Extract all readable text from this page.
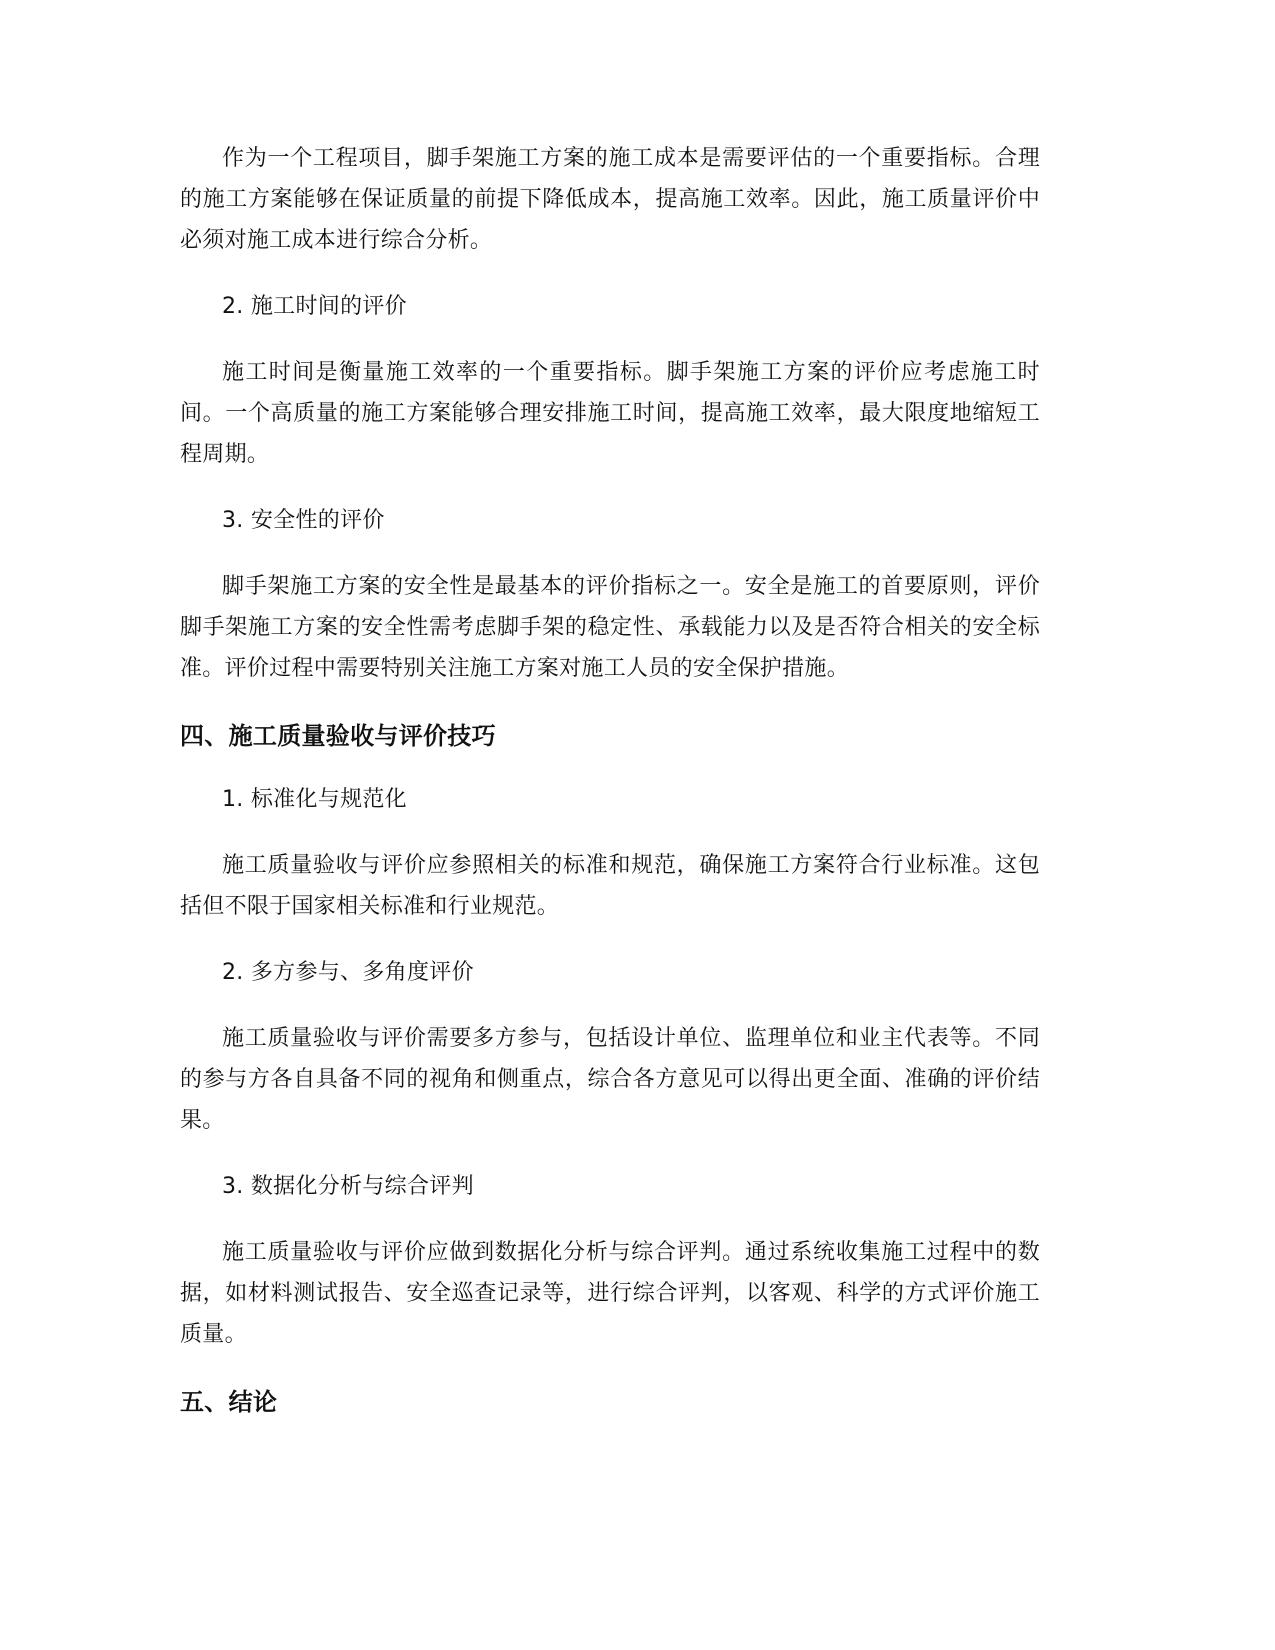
作为一个工程项目，脚手架施工方案的施工成本是需要评估的一个重要指标。合理的施工方案能够在保证质量的前提下降低成本，提高施工效率。因此，施工质量评价中必须对施工成本进行综合分析。

2. 施工时间的评价

施工时间是衡量施工效率的一个重要指标。脚手架施工方案的评价应考虑施工时间。一个高质量的施工方案能够合理安排施工时间，提高施工效率，最大限度地缩短工程周期。

3. 安全性的评价

脚手架施工方案的安全性是最基本的评价指标之一。安全是施工的首要原则，评价脚手架施工方案的安全性需考虑脚手架的稳定性、承载能力以及是否符合相关的安全标准。评价过程中需要特别关注施工方案对施工人员的安全保护措施。

四、施工质量验收与评价技巧

1. 标准化与规范化

施工质量验收与评价应参照相关的标准和规范，确保施工方案符合行业标准。这包括但不限于国家相关标准和行业规范。

2. 多方参与、多角度评价

施工质量验收与评价需要多方参与，包括设计单位、监理单位和业主代表等。不同的参与方各自具备不同的视角和侧重点，综合各方意见可以得出更全面、准确的评价结果。

3. 数据化分析与综合评判

施工质量验收与评价应做到数据化分析与综合评判。通过系统收集施工过程中的数据，如材料测试报告、安全巡查记录等，进行综合评判，以客观、科学的方式评价施工质量。

五、结论
